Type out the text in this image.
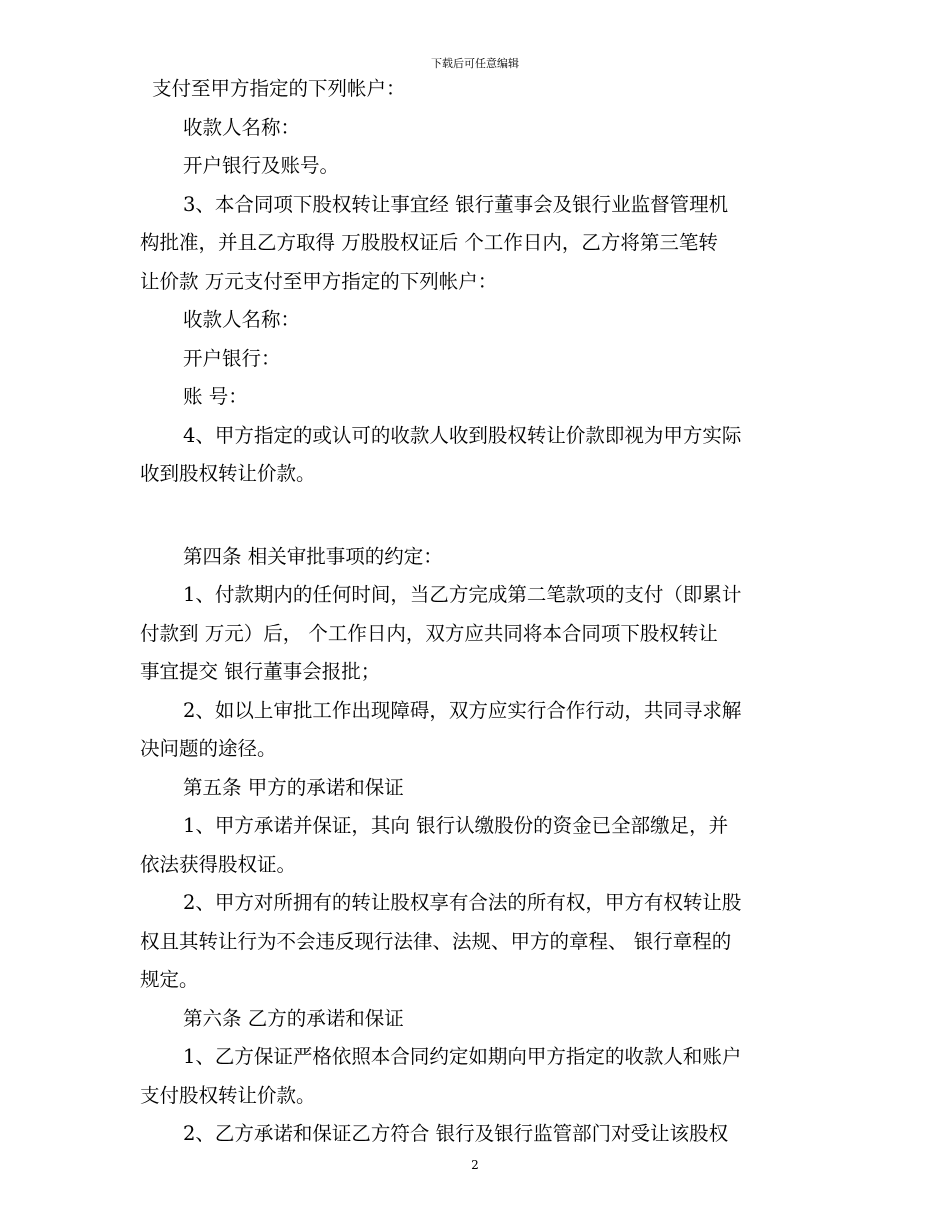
下载后可任意编辑
支付至甲方指定的下列帐户：
收款人名称：
开户银行及账号。
3、本合同项下股权转让事宜经 银行董事会及银行业监督管理机
构批准，并且乙方取得 万股股权证后 个工作日内，乙方将第三笔转
让价款 万元支付至甲方指定的下列帐户：
收款人名称：
开户银行：
账 号：
4、甲方指定的或认可的收款人收到股权转让价款即视为甲方实际
收到股权转让价款。
第四条 相关审批事项的约定：
1、付款期内的任何时间，当乙方完成第二笔款项的支付（即累计
付款到 万元）后， 个工作日内，双方应共同将本合同项下股权转让
事宜提交 银行董事会报批；
2、如以上审批工作出现障碍，双方应实行合作行动，共同寻求解
决问题的途径。
第五条 甲方的承诺和保证
1、甲方承诺并保证，其向 银行认缴股份的资金已全部缴足，并
依法获得股权证。
2、甲方对所拥有的转让股权享有合法的所有权，甲方有权转让股
权且其转让行为不会违反现行法律、法规、甲方的章程、 银行章程的
规定。
第六条 乙方的承诺和保证
1、乙方保证严格依照本合同约定如期向甲方指定的收款人和账户
支付股权转让价款。
2、乙方承诺和保证乙方符合 银行及银行监管部门对受让该股权
2
